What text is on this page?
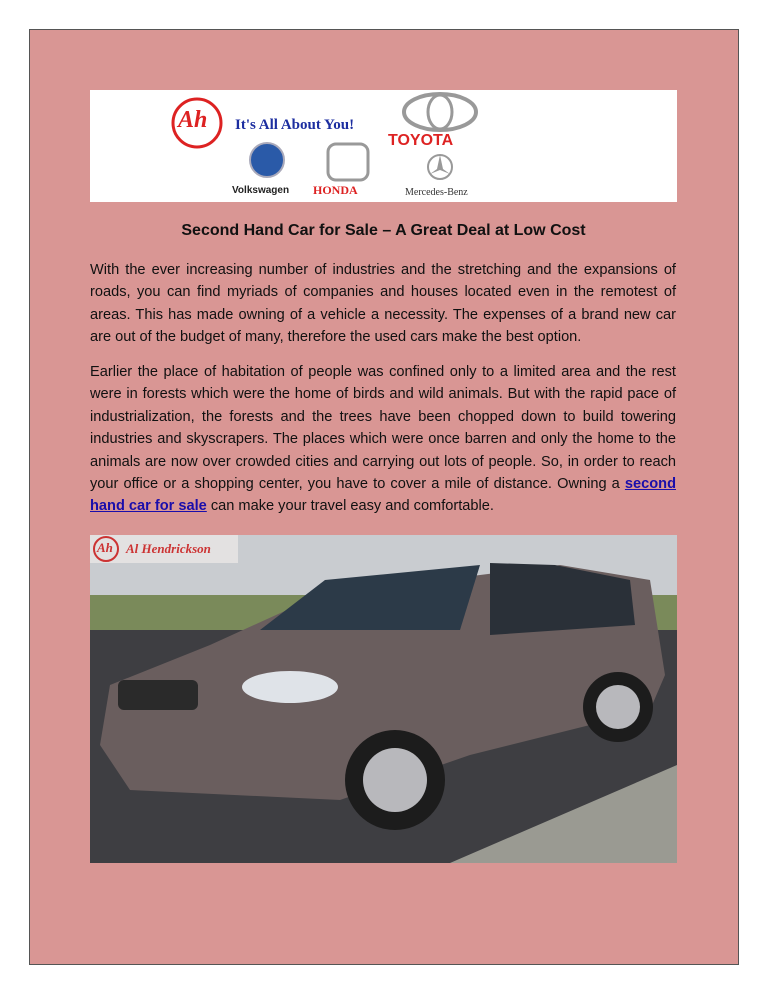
Ah It's All About You!
TOYOTA
Volkswagen HONDA	Mercedes-Benz
Second Hand Car for Sale – A Great Deal at Low Cost

With the ever increasing number of industries and the stretching and the expansions of roads, you can find myriads of companies and houses located even in the remotest of areas. This has made owning of a vehicle a necessity. The expenses of a brand new car are out of the budget of many, therefore the used cars make the best option.

Earlier the place of habitation of people was confined only to a limited area and the rest were in forests which were the home of birds and wild animals. But with the rapid pace of industrialization, the forests and the trees have been chopped down to build towering industries and skyscrapers. The places which were once barren and only the home to the animals are now over crowded cities and carrying out lots of people. So, in order to reach your office or a shopping center, you have to cover a mile of distance. Owning a second hand car for sale can make your travel easy and comfortable.

Ah Al Hendrickson
